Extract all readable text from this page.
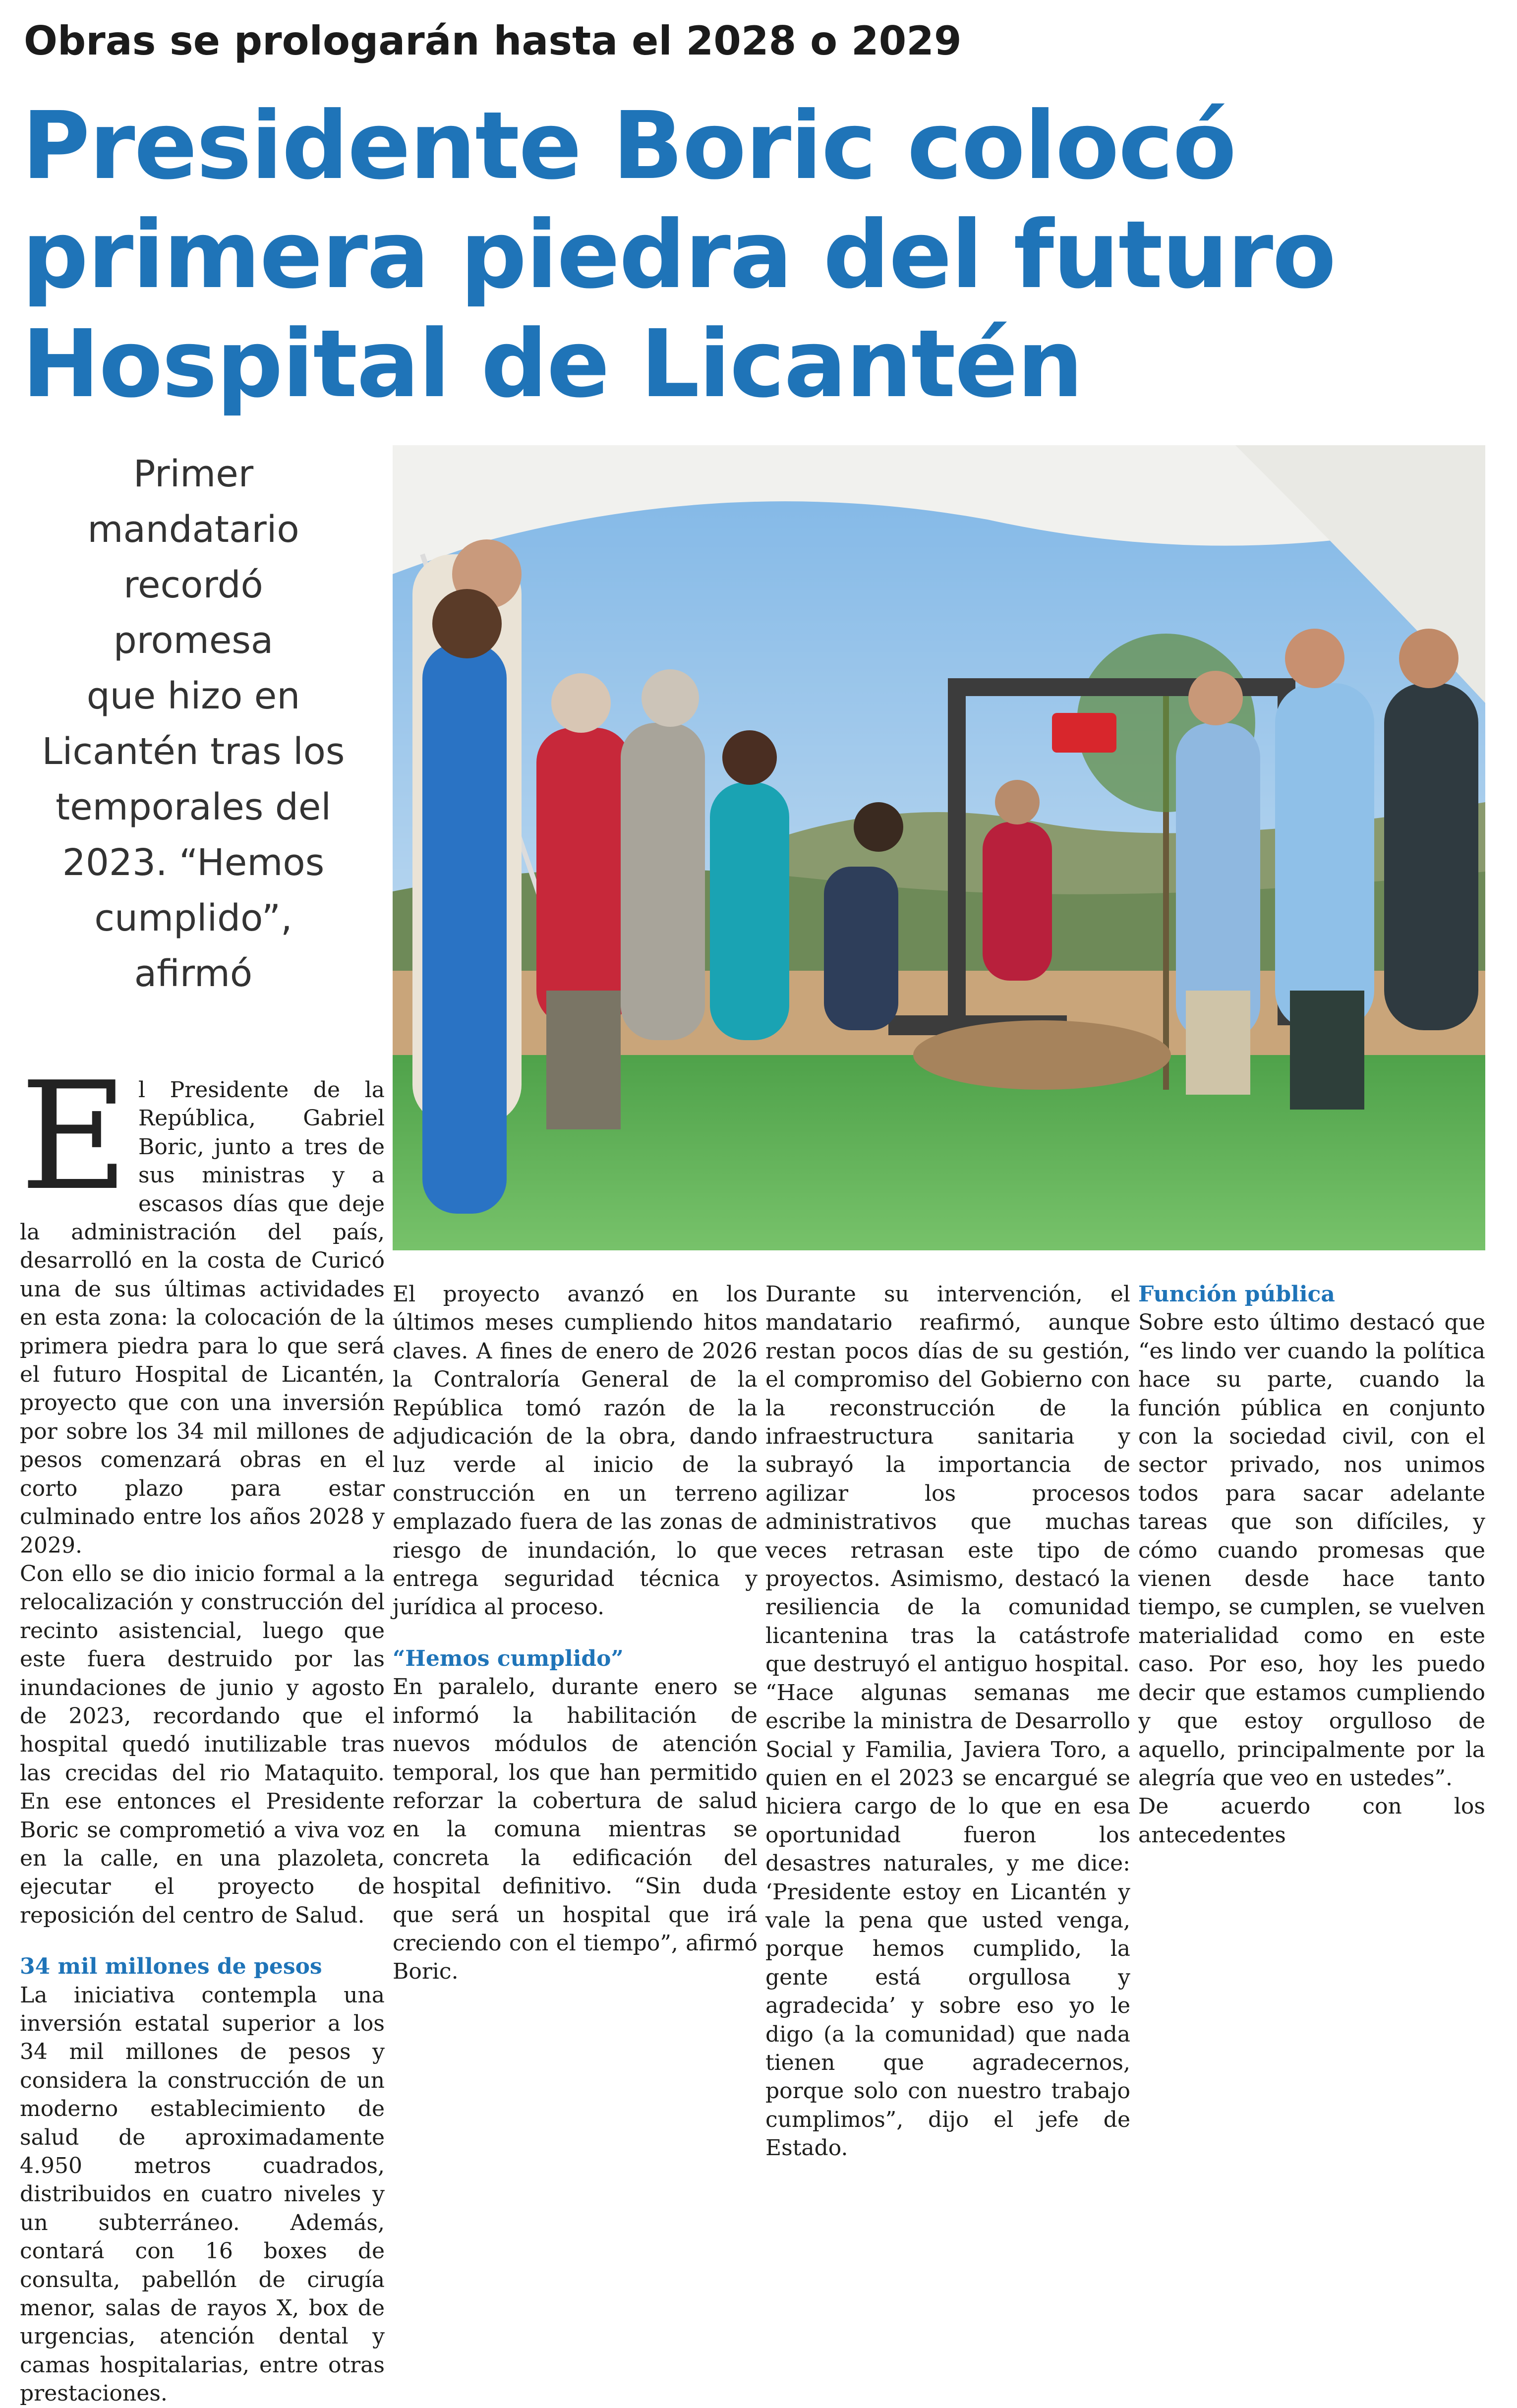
Obras se prologarán hasta el 2028 o 2029
Presidente Boric colocó
primera piedra del futuro
Hospital de Licantén
Primer
mandatario
recordó
promesa
que hizo en
Licantén tras los
temporales del
2023. “Hemos
cumplido”,
afirmó
E l Presidente de la República, Gabriel Boric, junto a tres de sus ministras y a escasos días que deje la administración del país, desarrolló en la costa de Curicó una de sus últimas actividades en esta zona: la colocación de la primera piedra para lo que será el futuro Hospital de Licantén, proyecto que con una inversión por sobre los 34 mil millones de pesos comenzará obras en el corto plazo para estar culminado entre los años 2028 y 2029.

Con ello se dio inicio formal a la relocalización y construcción del recinto asistencial, luego que este fuera destruido por las inundaciones de junio y agosto de 2023, recordando que el hospital quedó inutilizable tras las crecidas del rio Mataquito. En ese entonces el Presidente Boric se comprometió a viva voz en la calle, en una plazoleta, ejecutar el proyecto de reposición del centro de Salud.

34 mil millones de pesos

La iniciativa contempla una inversión estatal superior a los 34 mil millones de pesos y considera la construcción de un moderno establecimiento de salud de aproximadamente 4.950 metros cuadrados, distribuidos en cuatro niveles y un subterráneo. Además, contará con 16 boxes de consulta, pabellón de cirugía menor, salas de rayos X, box de urgencias, atención dental y camas hospitalarias, entre otras prestaciones.

El proyecto avanzó en los últimos meses cumpliendo hitos claves. A fines de enero de 2026 la Contraloría General de la República tomó razón de la adjudicación de la obra, dando luz verde al inicio de la construcción en un terreno emplazado fuera de las zonas de riesgo de inundación, lo que entrega seguridad técnica y jurídica al proceso.

“Hemos cumplido”

En paralelo, durante enero se informó la habilitación de nuevos módulos de atención temporal, los que han permitido reforzar la cobertura de salud en la comuna mientras se concreta la edificación del hospital definitivo. “Sin duda que será un hospital que irá creciendo con el tiempo”, afirmó Boric.

Durante su intervención, el mandatario reafirmó, aunque restan pocos días de su gestión, el compromiso del Gobierno con la reconstrucción de la infraestructura sanitaria y subrayó la importancia de agilizar los procesos administrativos que muchas veces retrasan este tipo de proyectos. Asimismo, destacó la resiliencia de la comunidad licantenina tras la catástrofe que destruyó el antiguo hospital.

“Hace algunas semanas me escribe la ministra de Desarrollo Social y Familia, Javiera Toro, a quien en el 2023 se encargué se hiciera cargo de lo que en esa oportunidad fueron los desastres naturales, y me dice: ‘Presidente estoy en Licantén y vale la pena que usted venga, porque hemos cumplido, la gente está orgullosa y agradecida’ y sobre eso yo le digo (a la comunidad) que nada tienen que agradecernos, porque solo con nuestro trabajo cumplimos”, dijo el jefe de Estado.

Función pública

Sobre esto último destacó que “es lindo ver cuando la política hace su parte, cuando la función pública en conjunto con la sociedad civil, con el sector privado, nos unimos todos para sacar adelante tareas que son difíciles, y cómo cuando promesas que vienen desde hace tanto tiempo, se cumplen, se vuelven materialidad como en este caso. Por eso, hoy les puedo decir que estamos cumpliendo y que estoy orgulloso de aquello, principalmente por la alegría que veo en ustedes”.

De acuerdo con los antecedentes
